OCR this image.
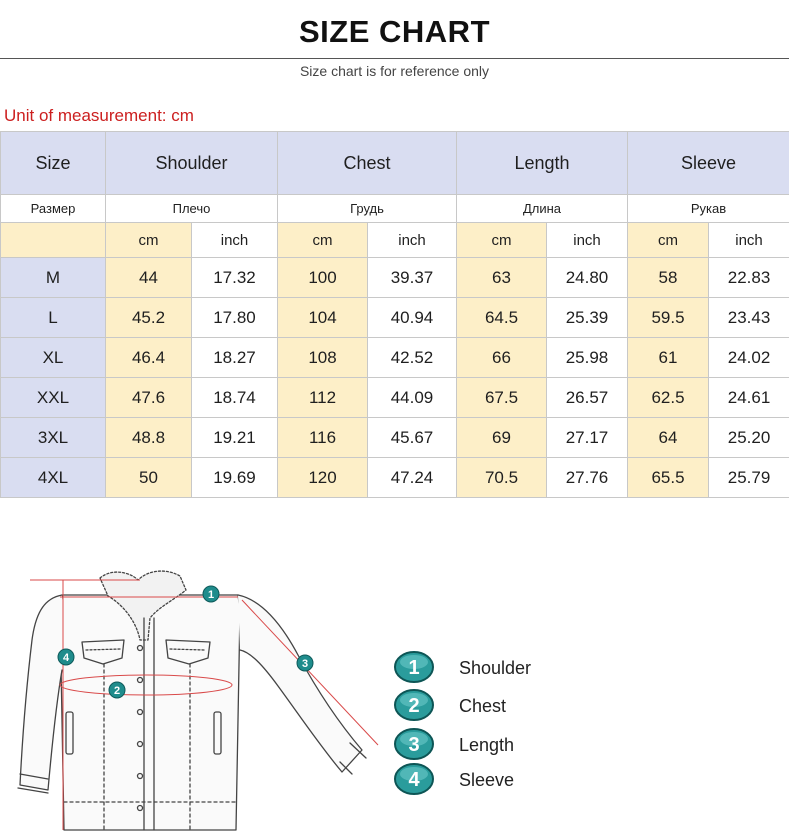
SIZE CHART
Size chart is for reference only
Unit of measurement: cm
Size	Shoulder		Chest		Length		Sleeve	
Размер	Плечо		Грудь		Длина		Рукав	
	cm	inch	cm	inch	cm	inch	cm	inch
M	44	17.32	100	39.37	63	24.80	58	22.83
L	45.2	17.80	104	40.94	64.5	25.39	59.5	23.43
XL	46.4	18.27	108	42.52	66	25.98	61	24.02
XXL	47.6	18.74	112	44.09	67.5	26.57	62.5	24.61
3XL	48.8	19.21	116	45.67	69	27.17	64	25.20
4XL	50	19.69	120	47.24	70.5	27.76	65.5	25.79
1
2
3
4	1 Shoulder
2 Chest
3 Length
4 Sleeve
